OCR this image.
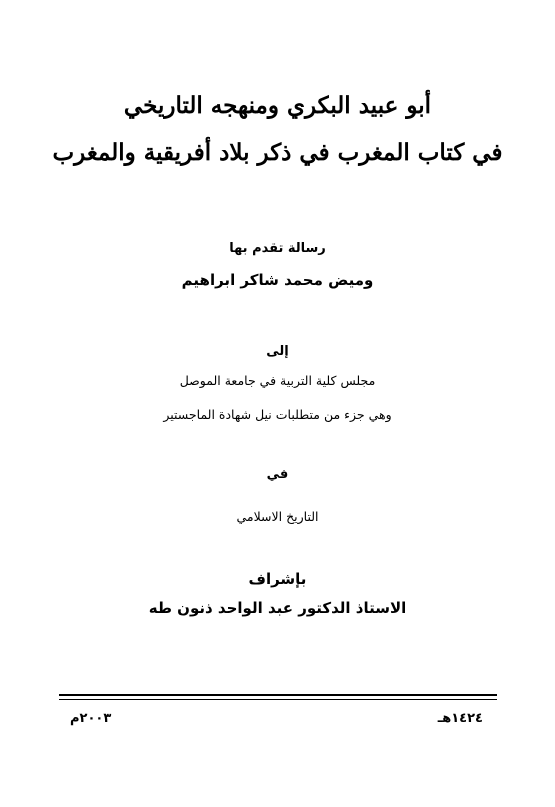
أبو عبيد البكري ومنهجه التاريخي
في كتاب المغرب في ذكر بلاد أفريقية والمغرب
رسالة تقدم بها
وميض محمد شاكر ابراهيم
إلى
مجلس كلية التربية في جامعة الموصل
وهي جزء من متطلبات نيل شهادة الماجستير
في
التاريخ الاسلامي
بإشراف
الاستاذ الدكتور عبد الواحد ذنون طه
١٤٢٤هـ
٢٠٠٣م
